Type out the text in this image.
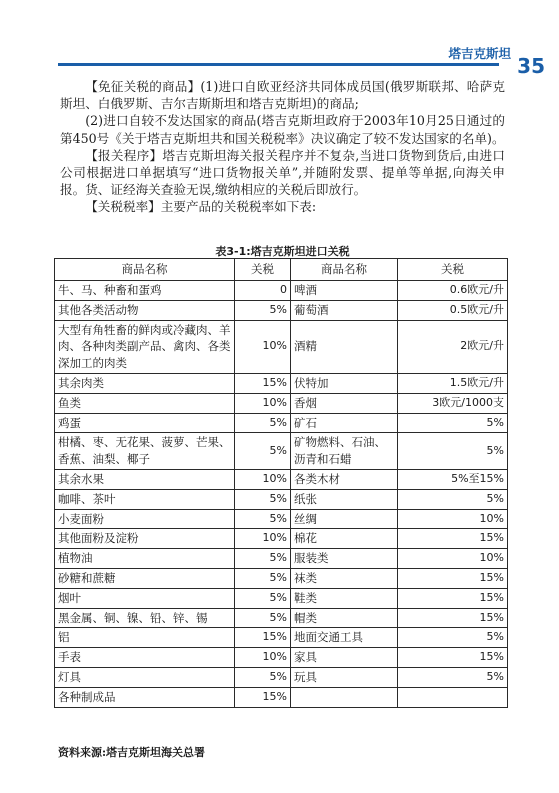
塔吉克斯坦
35

【免征关税的商品】(1)进口自欧亚经济共同体成员国(俄罗斯联邦、哈萨克斯坦、白俄罗斯、吉尔吉斯斯坦和塔吉克斯坦)的商品;

(2)进口自较不发达国家的商品(塔吉克斯坦政府于2003年10月25日通过的第450号《关于塔吉克斯坦共和国关税税率》决议确定了较不发达国家的名单)。

【报关程序】塔吉克斯坦海关报关程序并不复杂,当进口货物到货后,由进口公司根据进口单据填写“进口货物报关单”,并随附发票、提单等单据,向海关申报。货、证经海关查验无误,缴纳相应的关税后即放行。

【关税税率】主要产品的关税税率如下表:

表3-1:塔吉克斯坦进口关税
商品名称	关税	商品名称	关税
牛、马、种畜和蛋鸡	0	啤酒	0.6欧元/升
其他各类活动物	5%	葡萄酒	0.5欧元/升
大型有角牲畜的鲜肉或冷藏肉、羊肉、各种肉类副产品、禽肉、各类深加工的肉类	10%	酒精	2欧元/升
其余肉类	15%	伏特加	1.5欧元/升
鱼类	10%	香烟	3欧元/1000支
鸡蛋	5%	矿石	5%
柑橘、枣、无花果、菠萝、芒果、香蕉、油梨、椰子	5%	矿物燃料、石油、沥青和石蜡	5%
其余水果	10%	各类木材	5%至15%
咖啡、茶叶	5%	纸张	5%
小麦面粉	5%	丝绸	10%
其他面粉及淀粉	10%	棉花	15%
植物油	5%	服装类	10%
砂糖和蔗糖	5%	袜类	15%
烟叶	5%	鞋类	15%
黑金属、铜、镍、铅、锌、锡	5%	帽类	15%
铝	15%	地面交通工具	5%
手表	10%	家具	15%
灯具	5%	玩具	5%
各种制成品	15%		
资料来源:塔吉克斯坦海关总署
